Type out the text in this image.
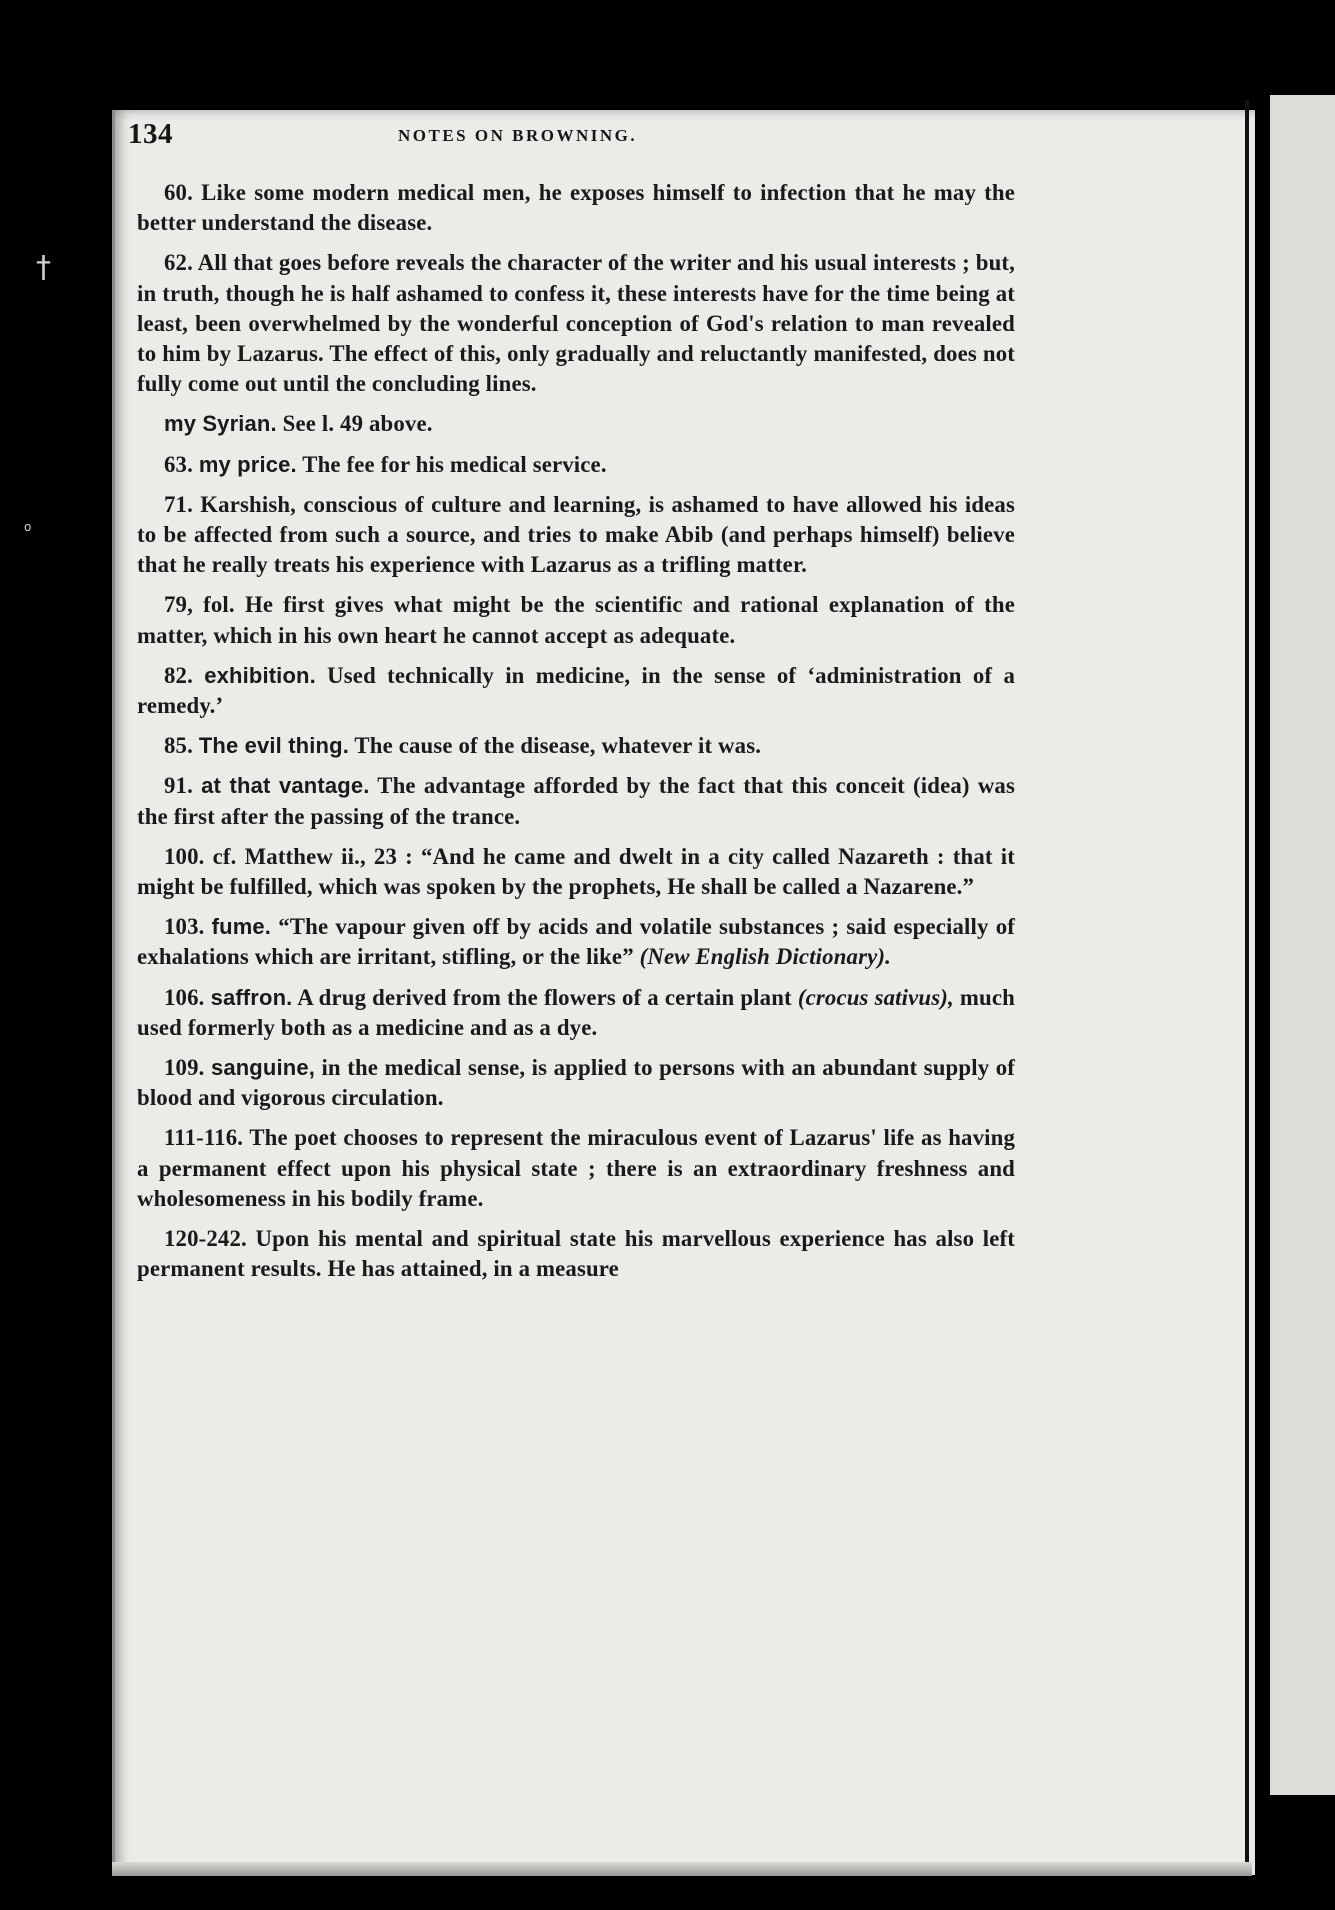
†
o
134	NOTES ON BROWNING.

60. Like some modern medical men, he exposes himself to infection that he may the better understand the disease.

62. All that goes before reveals the character of the writer and his usual interests ; but, in truth, though he is half ashamed to confess it, these interests have for the time being at least, been overwhelmed by the wonderful conception of God's relation to man revealed to him by Lazarus. The effect of this, only gradually and reluctantly manifested, does not fully come out until the concluding lines.

my Syrian. See l. 49 above.

63. my price. The fee for his medical service.

71. Karshish, conscious of culture and learning, is ashamed to have allowed his ideas to be affected from such a source, and tries to make Abib (and perhaps himself) believe that he really treats his experience with Lazarus as a trifling matter.

79, fol. He first gives what might be the scientific and rational explanation of the matter, which in his own heart he cannot accept as adequate.

82. exhibition. Used technically in medicine, in the sense of ‘administration of a remedy.’

85. The evil thing. The cause of the disease, whatever it was.

91. at that vantage. The advantage afforded by the fact that this conceit (idea) was the first after the passing of the trance.

100. cf. Matthew ii., 23 : “And he came and dwelt in a city called Nazareth : that it might be fulfilled, which was spoken by the prophets, He shall be called a Nazarene.”

103. fume. “The vapour given off by acids and volatile substances ; said especially of exhalations which are irritant, stifling, or the like” (New English Dictionary).

106. saffron. A drug derived from the flowers of a certain plant (crocus sativus), much used formerly both as a medicine and as a dye.

109. sanguine, in the medical sense, is applied to persons with an abundant supply of blood and vigorous circulation.

111-116. The poet chooses to represent the miraculous event of Lazarus' life as having a permanent effect upon his physical state ; there is an extraordinary freshness and wholesomeness in his bodily frame.

120-242. Upon his mental and spiritual state his marvellous experience has also left permanent results. He has attained, in a measure
